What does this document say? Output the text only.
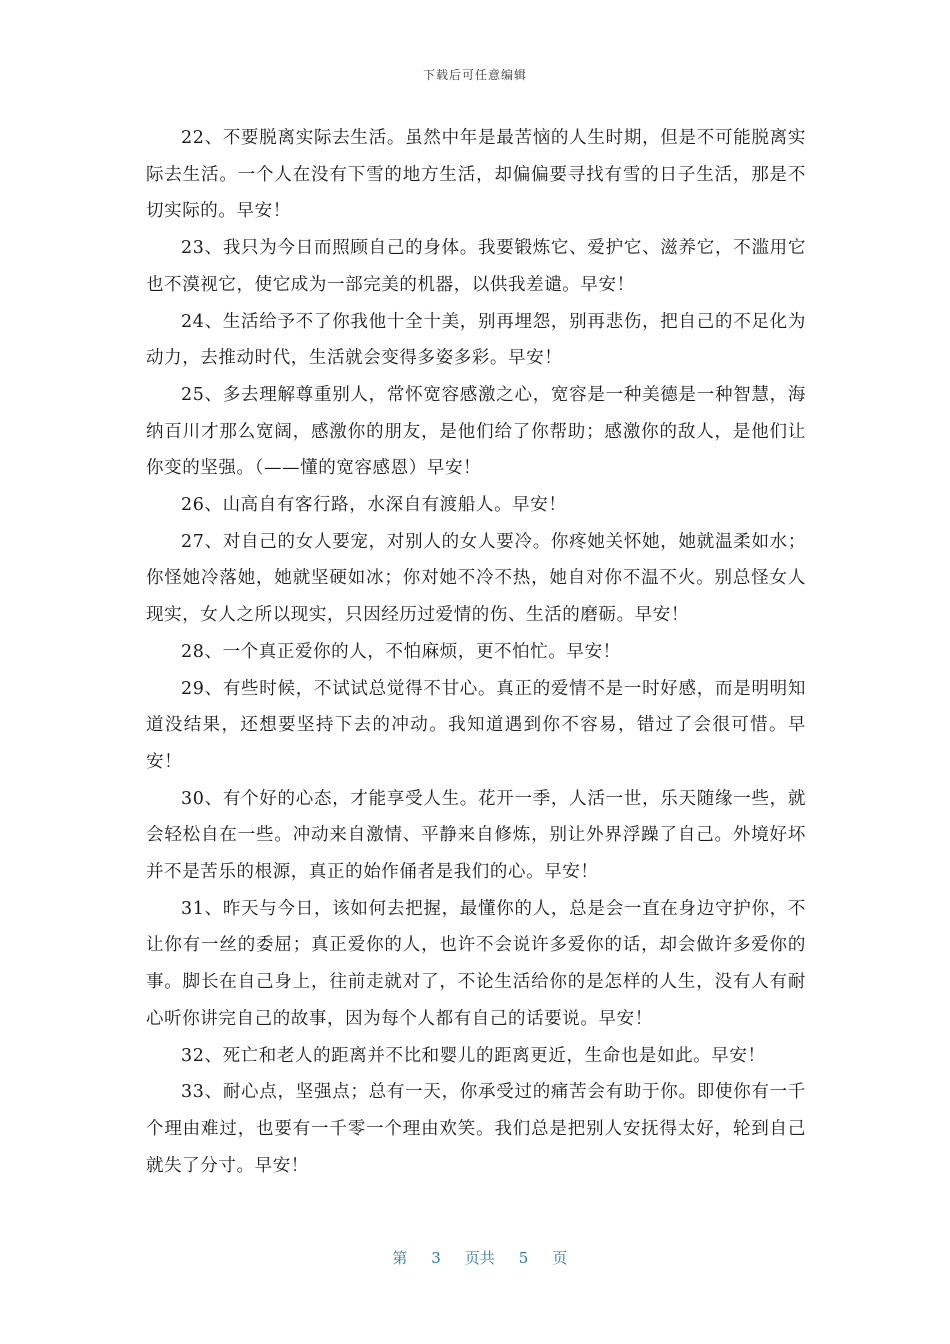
下载后可任意编辑

22、不要脱离实际去生活。虽然中年是最苦恼的人生时期，但是不可能脱离实际去生活。一个人在没有下雪的地方生活，却偏偏要寻找有雪的日子生活，那是不切实际的。早安！

23、我只为今日而照顾自己的身体。我要锻炼它、爱护它、滋养它，不滥用它也不漠视它，使它成为一部完美的机器，以供我差谴。早安！

24、生活给予不了你我他十全十美，别再埋怨，别再悲伤，把自己的不足化为动力，去推动时代，生活就会变得多姿多彩。早安！

25、多去理解尊重别人，常怀宽容感激之心，宽容是一种美德是一种智慧，海纳百川才那么宽阔，感激你的朋友，是他们给了你帮助；感激你的敌人，是他们让你变的坚强。（——懂的宽容感恩）早安！

26、山高自有客行路，水深自有渡船人。早安！

27、对自己的女人要宠，对别人的女人要冷。你疼她关怀她，她就温柔如水；你怪她冷落她，她就坚硬如冰；你对她不冷不热，她自对你不温不火。别总怪女人现实，女人之所以现实，只因经历过爱情的伤、生活的磨砺。早安！

28、一个真正爱你的人，不怕麻烦，更不怕忙。早安！

29、有些时候，不试试总觉得不甘心。真正的爱情不是一时好感，而是明明知道没结果，还想要坚持下去的冲动。我知道遇到你不容易，错过了会很可惜。早安！

30、有个好的心态，才能享受人生。花开一季，人活一世，乐天随缘一些，就会轻松自在一些。冲动来自激情、平静来自修炼，别让外界浮躁了自己。外境好坏并不是苦乐的根源，真正的始作俑者是我们的心。早安！

31、昨天与今日，该如何去把握，最懂你的人，总是会一直在身边守护你，不让你有一丝的委屈；真正爱你的人，也许不会说许多爱你的话，却会做许多爱你的事。脚长在自己身上，往前走就对了，不论生活给你的是怎样的人生，没有人有耐心听你讲完自己的故事，因为每个人都有自己的话要说。早安！

32、死亡和老人的距离并不比和婴儿的距离更近，生命也是如此。早安！

33、耐心点，坚强点；总有一天，你承受过的痛苦会有助于你。即使你有一千个理由难过，也要有一千零一个理由欢笑。我们总是把别人安抚得太好，轮到自己就失了分寸。早安！

第 3 页共 5 页
